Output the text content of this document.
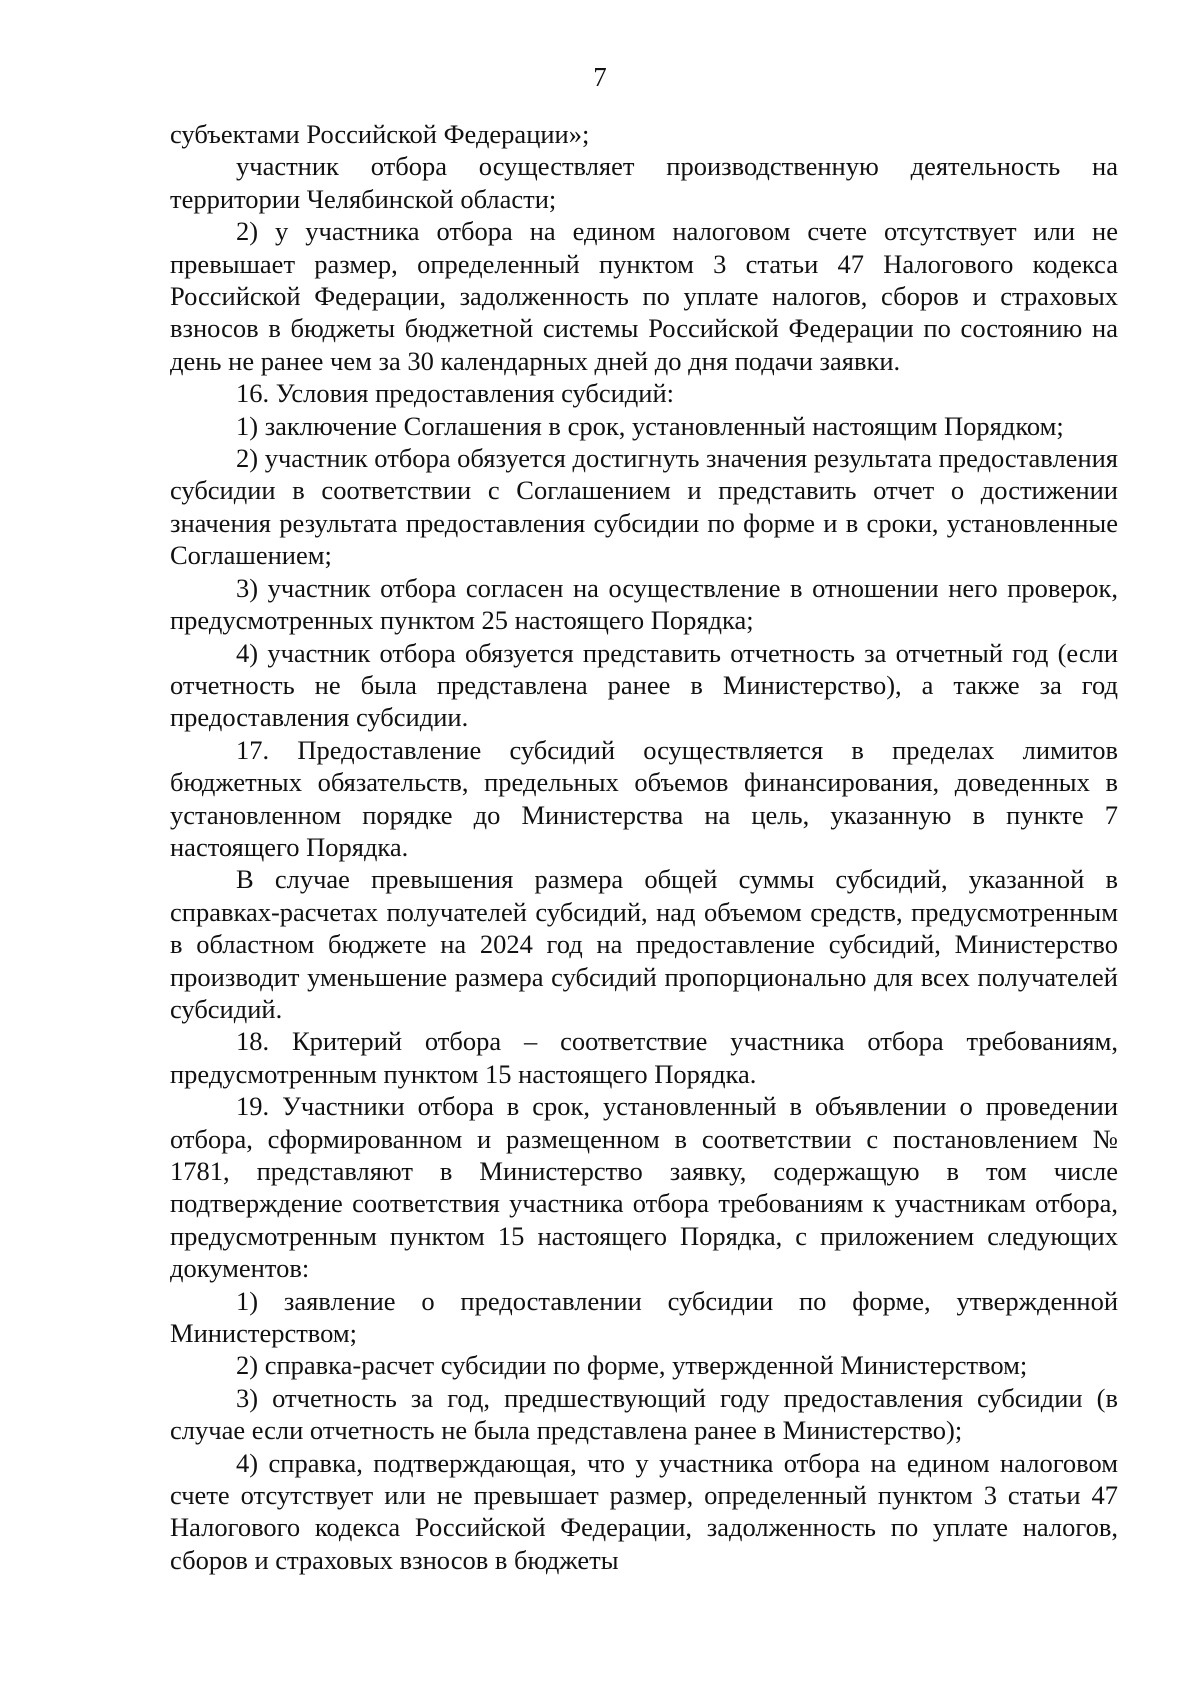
7

субъектами Российской Федерации»;

участник отбора осуществляет производственную деятельность на территории Челябинской области;

2) у участника отбора на едином налоговом счете отсутствует или не превышает размер, определенный пунктом 3 статьи 47 Налогового кодекса Российской Федерации, задолженность по уплате налогов, сборов и страховых взносов в бюджеты бюджетной системы Российской Федерации по состоянию на день не ранее чем за 30 календарных дней до дня подачи заявки.

16. Условия предоставления субсидий:

1) заключение Соглашения в срок, установленный настоящим Порядком;

2) участник отбора обязуется достигнуть значения результата предоставления субсидии в соответствии с Соглашением и представить отчет о достижении значения результата предоставления субсидии по форме и в сроки, установленные Соглашением;

3) участник отбора согласен на осуществление в отношении него проверок, предусмотренных пунктом 25 настоящего Порядка;

4) участник отбора обязуется представить отчетность за отчетный год (если отчетность не была представлена ранее в Министерство), а также за год предоставления субсидии.

17. Предоставление субсидий осуществляется в пределах лимитов бюджетных обязательств, предельных объемов финансирования, доведенных в установленном порядке до Министерства на цель, указанную в пункте 7 настоящего Порядка.

В случае превышения размера общей суммы субсидий, указанной в справках-расчетах получателей субсидий, над объемом средств, предусмотренным в областном бюджете на 2024 год на предоставление субсидий, Министерство производит уменьшение размера субсидий пропорционально для всех получателей субсидий.

18. Критерий отбора – соответствие участника отбора требованиям, предусмотренным пунктом 15 настоящего Порядка.

19. Участники отбора в срок, установленный в объявлении о проведении отбора, сформированном и размещенном в соответствии с постановлением № 1781, представляют в Министерство заявку, содержащую в том числе подтверждение соответствия участника отбора требованиям к участникам отбора, предусмотренным пунктом 15 настоящего Порядка, с приложением следующих документов:

1) заявление о предоставлении субсидии по форме, утвержденной Министерством;

2) справка-расчет субсидии по форме, утвержденной Министерством;

3) отчетность за год, предшествующий году предоставления субсидии (в случае если отчетность не была представлена ранее в Министерство);

4) справка, подтверждающая, что у участника отбора на едином налоговом счете отсутствует или не превышает размер, определенный пунктом 3 статьи 47 Налогового кодекса Российской Федерации, задолженность по уплате налогов, сборов и страховых взносов в бюджеты
